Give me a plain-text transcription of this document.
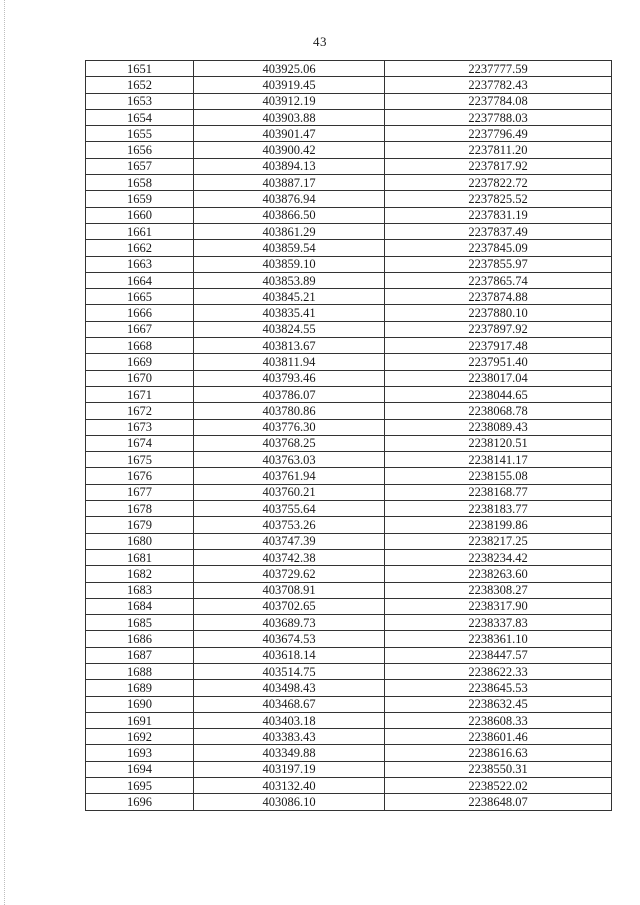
43
1651	403925.06	2237777.59
1652	403919.45	2237782.43
1653	403912.19	2237784.08
1654	403903.88	2237788.03
1655	403901.47	2237796.49
1656	403900.42	2237811.20
1657	403894.13	2237817.92
1658	403887.17	2237822.72
1659	403876.94	2237825.52
1660	403866.50	2237831.19
1661	403861.29	2237837.49
1662	403859.54	2237845.09
1663	403859.10	2237855.97
1664	403853.89	2237865.74
1665	403845.21	2237874.88
1666	403835.41	2237880.10
1667	403824.55	2237897.92
1668	403813.67	2237917.48
1669	403811.94	2237951.40
1670	403793.46	2238017.04
1671	403786.07	2238044.65
1672	403780.86	2238068.78
1673	403776.30	2238089.43
1674	403768.25	2238120.51
1675	403763.03	2238141.17
1676	403761.94	2238155.08
1677	403760.21	2238168.77
1678	403755.64	2238183.77
1679	403753.26	2238199.86
1680	403747.39	2238217.25
1681	403742.38	2238234.42
1682	403729.62	2238263.60
1683	403708.91	2238308.27
1684	403702.65	2238317.90
1685	403689.73	2238337.83
1686	403674.53	2238361.10
1687	403618.14	2238447.57
1688	403514.75	2238622.33
1689	403498.43	2238645.53
1690	403468.67	2238632.45
1691	403403.18	2238608.33
1692	403383.43	2238601.46
1693	403349.88	2238616.63
1694	403197.19	2238550.31
1695	403132.40	2238522.02
1696	403086.10	2238648.07
